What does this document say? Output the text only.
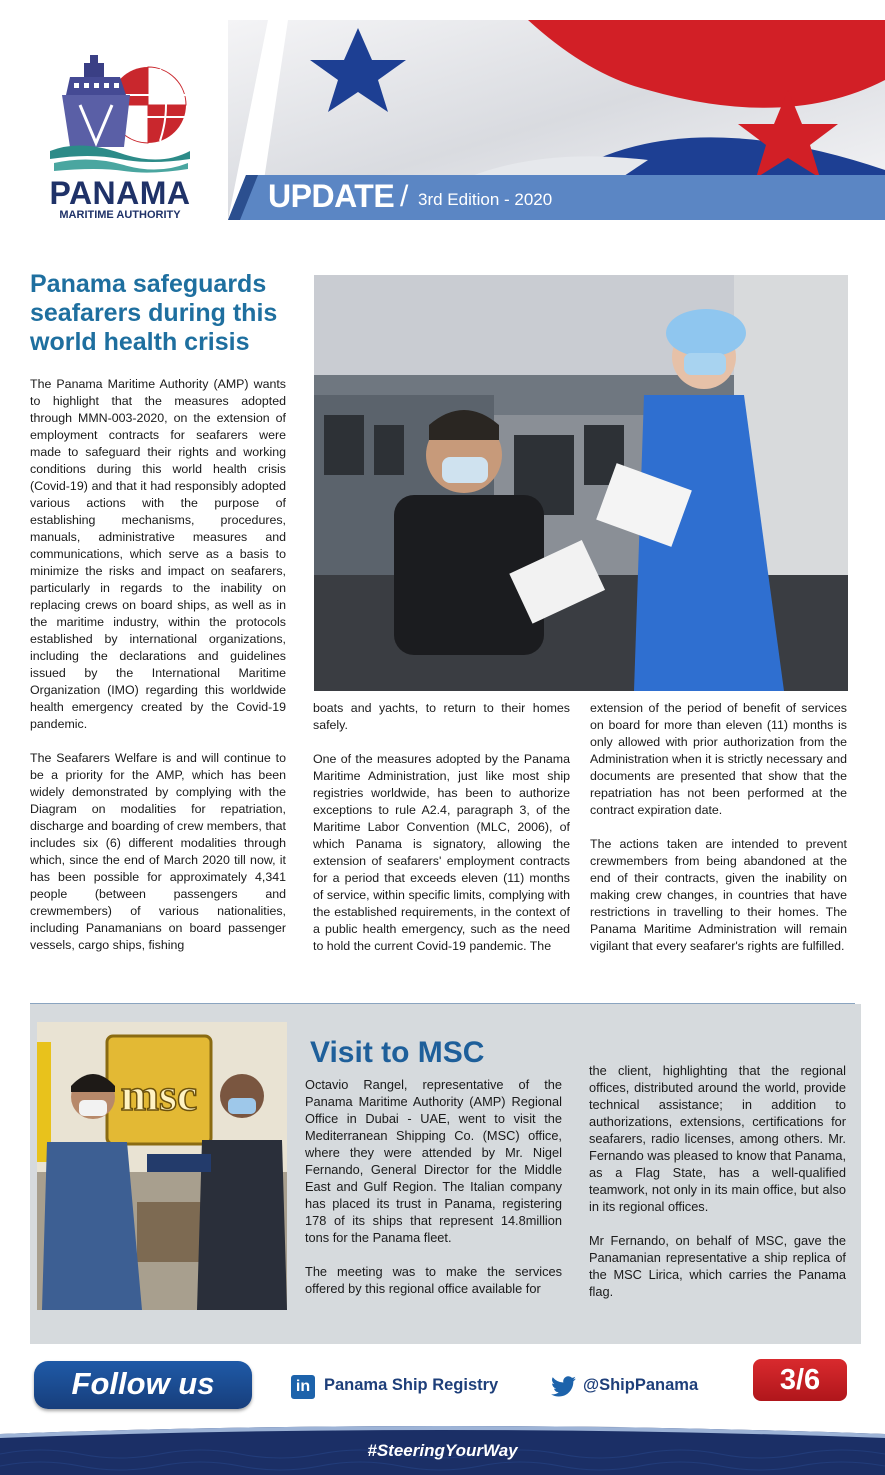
PANAMA
MARITIME AUTHORITY
UPDATE / 3rd Edition - 2020
Panama safeguards seafarers during this world health crisis

The Panama Maritime Authority (AMP) wants to highlight that the measures adopted through MMN-003-2020, on the extension of employment contracts for seafarers were made to safeguard their rights and working conditions during this world health crisis (Covid-19) and that it had responsibly adopted various actions with the purpose of establishing mechanisms, procedures, manuals, administrative measures and communications, which serve as a basis to minimize the risks and impact on seafarers, particularly in regards to the inability on replacing crews on board ships, as well as in the maritime industry, within the protocols established by international organizations, including the declarations and guidelines issued by the International Maritime Organization (IMO) regarding this worldwide health emergency created by the Covid-19 pandemic.

The Seafarers Welfare is and will continue to be a priority for the AMP, which has been widely demonstrated by complying with the Diagram on modalities for repatriation, discharge and boarding of crew members, that includes six (6) different modalities through which, since the end of March 2020 till now, it has been possible for approximately 4,341 people (between passengers and crewmembers) of various nationalities, including Panamanians on board passenger vessels, cargo ships, fishing

boats and yachts, to return to their homes safely.

One of the measures adopted by the Panama Maritime Administration, just like most ship registries worldwide, has been to authorize exceptions to rule A2.4, paragraph 3, of the Maritime Labor Convention (MLC, 2006), of which Panama is signatory, allowing the extension of seafarers' employment contracts for a period that exceeds eleven (11) months of service, within specific limits, complying with the established requirements, in the context of a public health emergency, such as the need to hold the current Covid-19 pandemic. The

extension of the period of benefit of services on board for more than eleven (11) months is only allowed with prior authorization from the Administration when it is strictly necessary and documents are presented that show that the repatriation has not been performed at the contract expiration date.

The actions taken are intended to prevent crewmembers from being abandoned at the end of their contracts, given the inability on making crew changes, in countries that have restrictions in travelling to their homes. The Panama Maritime Administration will remain vigilant that every seafarer's rights are fulfilled.

msc
Visit to MSC

Octavio Rangel, representative of the Panama Maritime Authority (AMP) Regional Office in Dubai - UAE, went to visit the Mediterranean Shipping Co. (MSC) office, where they were attended by Mr. Nigel Fernando, General Director for the Middle East and Gulf Region. The Italian company has placed its trust in Panama, registering 178 of its ships that represent 14.8million tons for the Panama fleet.

The meeting was to make the services offered by this regional office available for

the client, highlighting that the regional offices, distributed around the world, provide technical assistance; in addition to authorizations, extensions, certifications for seafarers, radio licenses, among others. Mr. Fernando was pleased to know that Panama, as a Flag State, has a well-qualified teamwork, not only in its main office, but also in its regional offices.

Mr Fernando, on behalf of MSC, gave the Panamanian representative a ship replica of the MSC Lirica, which carries the Panama flag.

Follow us	in Panama Ship Registry	@ShipPanama	3/6
#SteeringYourWay
